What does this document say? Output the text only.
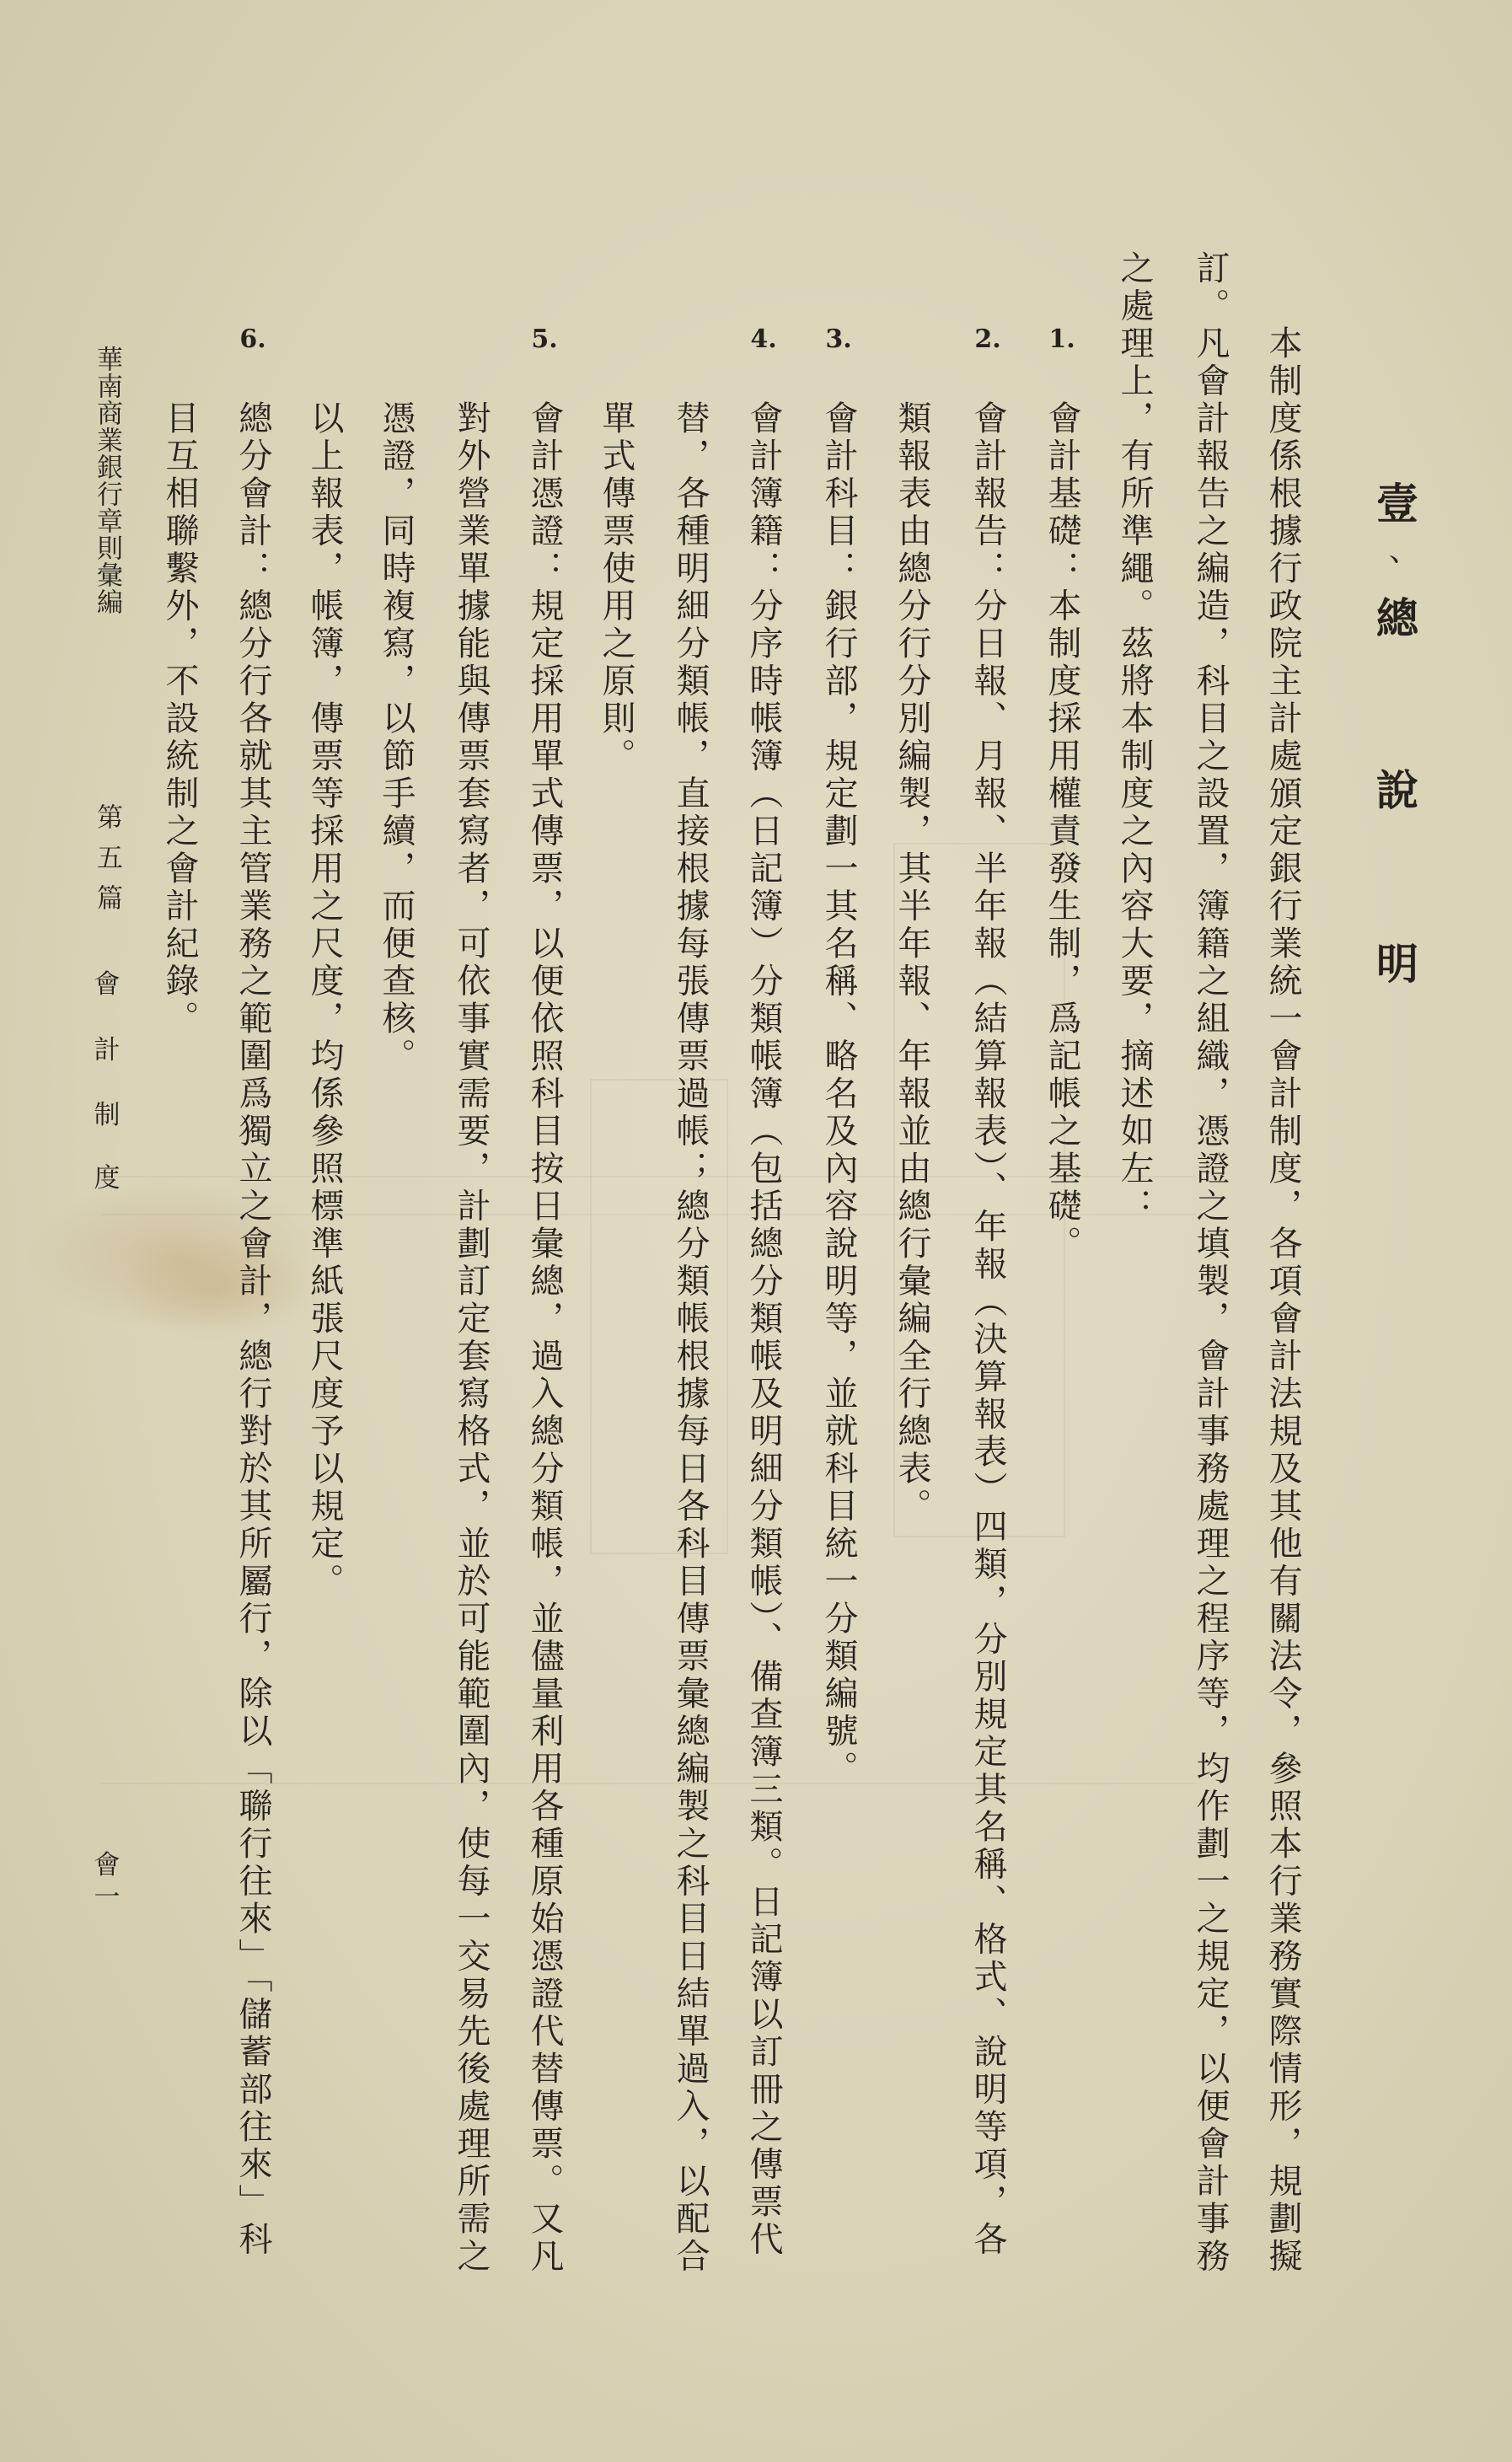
壹
、
總
說
明
本制度係根據行政院主計處頒定銀行業統一會計制度，各項會計法規及其他有關法令，參照本行業務實際情形，規劃擬
訂。凡會計報告之編造，科目之設置，簿籍之組織，憑證之填製，會計事務處理之程序等，均作劃一之規定，以便會計事務
之處理上，有所準繩。茲將本制度之內容大要，摘述如左：
1.
會計基礎：本制度採用權責發生制，爲記帳之基礎。
2.
會計報告：分日報、月報、半年報（結算報表）、年報（決算報表）四類，分別規定其名稱、格式、說明等項，各
類報表由總分行分別編製，其半年報、年報並由總行彙編全行總表。
3.
會計科目：銀行部，規定劃一其名稱、略名及內容說明等，並就科目統一分類編號。
4.
會計簿籍：分序時帳簿（日記簿）分類帳簿（包括總分類帳及明細分類帳）、備查簿三類。日記簿以訂冊之傳票代
替，各種明細分類帳，直接根據每張傳票過帳；總分類帳根據每日各科目傳票彙總編製之科目日結單過入，以配合
單式傳票使用之原則。
5.
會計憑證：規定採用單式傳票，以便依照科目按日彙總，過入總分類帳，並儘量利用各種原始憑證代替傳票。又凡
對外營業單據能與傳票套寫者，可依事實需要，計劃訂定套寫格式，並於可能範圍內，使每一交易先後處理所需之
憑證，同時複寫，以節手續，而便查核。
以上報表，帳簿，傳票等採用之尺度，均係參照標準紙張尺度予以規定。
6.
總分會計：總分行各就其主管業務之範圍爲獨立之會計，總行對於其所屬行，除以「聯行往來」「儲蓄部往來」科
目互相聯繫外，不設統制之會計紀錄。
華南商業銀行章則彙編
第五篇
會
計
制
度
會
一
